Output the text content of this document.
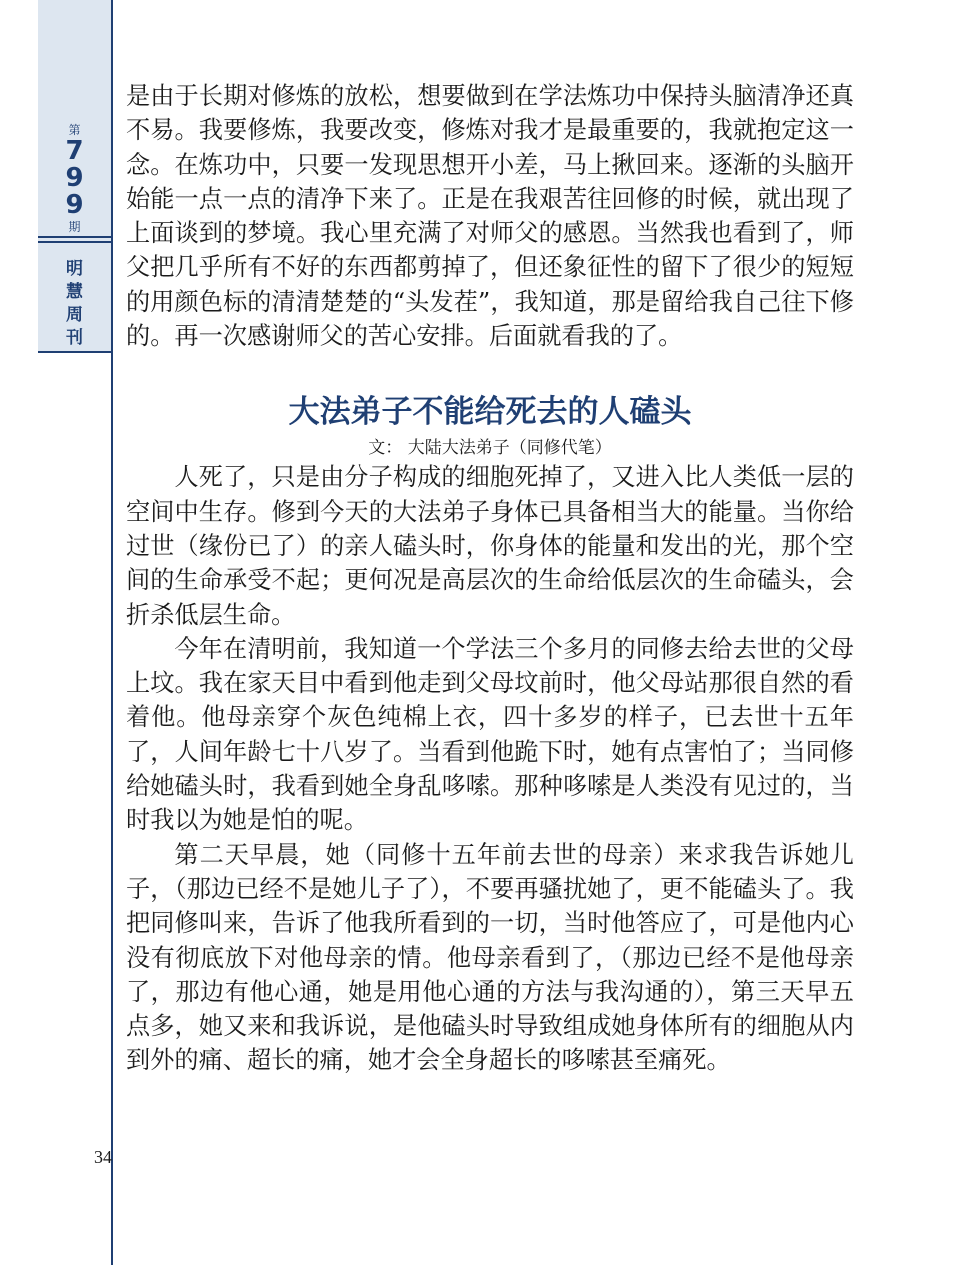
第
7
9
9
期
明
慧
周
刊
34

是由于长期对修炼的放松，想要做到在学法炼功中保持头脑清净还真不易。我要修炼，我要改变，修炼对我才是最重要的，我就抱定这一念。在炼功中，只要一发现思想开小差，马上揪回来。逐渐的头脑开始能一点一点的清净下来了。正是在我艰苦往回修的时候，就出现了上面谈到的梦境。我心里充满了对师父的感恩。当然我也看到了，师父把几乎所有不好的东西都剪掉了，但还象征性的留下了很少的短短的用颜色标的清清楚楚的“头发茬”，我知道，那是留给我自己往下修的。再一次感谢师父的苦心安排。后面就看我的了。

大法弟子不能给死去的人磕头
文： 大陆大法弟子（同修代笔）

人死了，只是由分子构成的细胞死掉了，又进入比人类低一层的空间中生存。修到今天的大法弟子身体已具备相当大的能量。当你给过世（缘份已了）的亲人磕头时，你身体的能量和发出的光，那个空间的生命承受不起；更何况是高层次的生命给低层次的生命磕头，会折杀低层生命。

今年在清明前，我知道一个学法三个多月的同修去给去世的父母上坟。我在家天目中看到他走到父母坟前时，他父母站那很自然的看着他。他母亲穿个灰色纯棉上衣，四十多岁的样子，已去世十五年了，人间年龄七十八岁了。当看到他跪下时，她有点害怕了；当同修给她磕头时，我看到她全身乱哆嗦。那种哆嗦是人类没有见过的，当时我以为她是怕的呢。

第二天早晨，她（同修十五年前去世的母亲）来求我告诉她儿子，（那边已经不是她儿子了），不要再骚扰她了，更不能磕头了。我把同修叫来，告诉了他我所看到的一切，当时他答应了，可是他内心没有彻底放下对他母亲的情。他母亲看到了，（那边已经不是他母亲了，那边有他心通，她是用他心通的方法与我沟通的），第三天早五点多，她又来和我诉说，是他磕头时导致组成她身体所有的细胞从内到外的痛、超长的痛，她才会全身超长的哆嗦甚至痛死。
